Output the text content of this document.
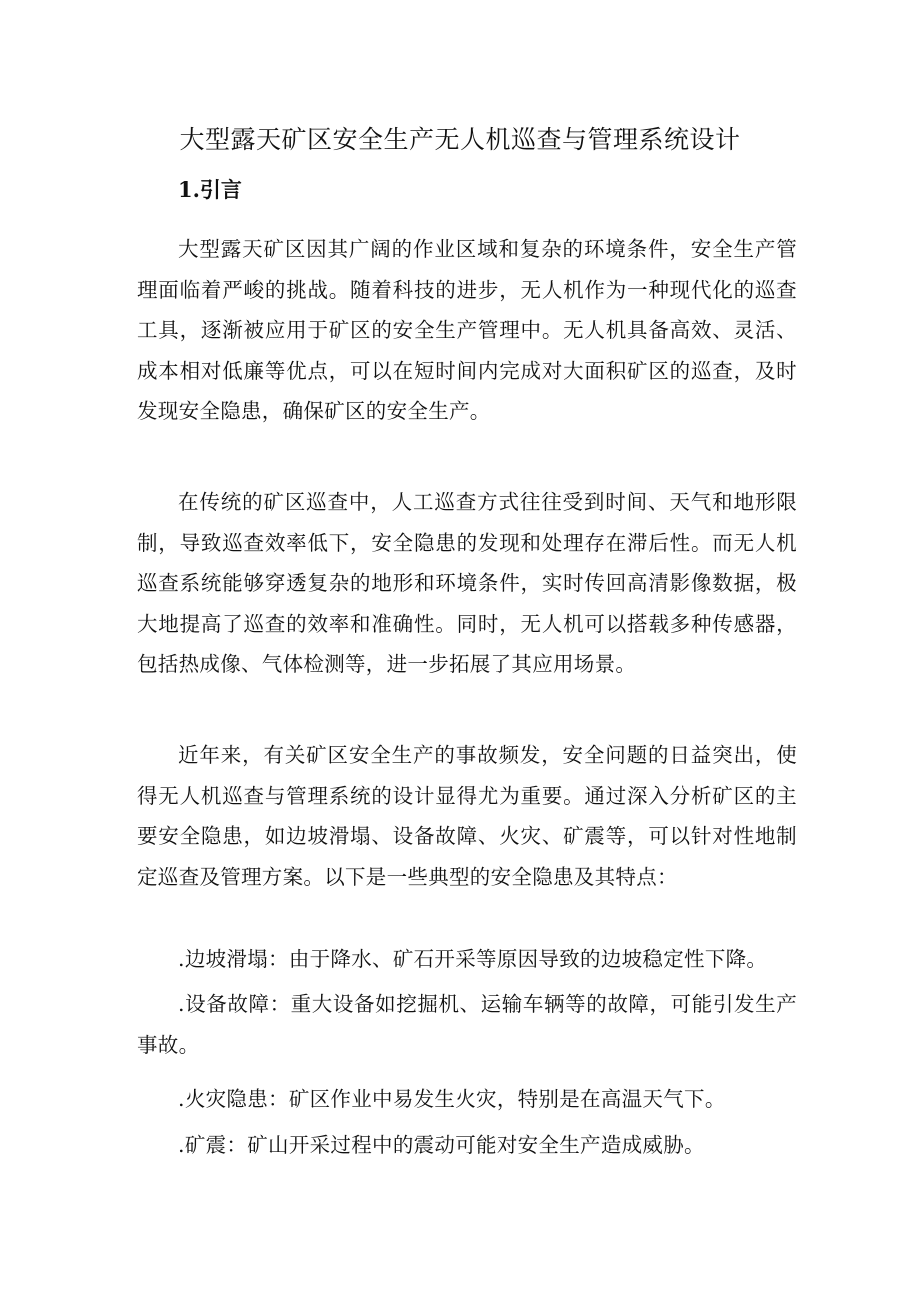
大型露天矿区安全生产无人机巡查与管理系统设计
1.引言

大型露天矿区因其广阔的作业区域和复杂的环境条件，安全生产管理面临着严峻的挑战。随着科技的进步，无人机作为一种现代化的巡查工具，逐渐被应用于矿区的安全生产管理中。无人机具备高效、灵活、成本相对低廉等优点，可以在短时间内完成对大面积矿区的巡查，及时发现安全隐患，确保矿区的安全生产。

在传统的矿区巡查中，人工巡查方式往往受到时间、天气和地形限制，导致巡查效率低下，安全隐患的发现和处理存在滞后性。而无人机巡查系统能够穿透复杂的地形和环境条件，实时传回高清影像数据，极大地提高了巡查的效率和准确性。同时，无人机可以搭载多种传感器，包括热成像、气体检测等，进一步拓展了其应用场景。

近年来，有关矿区安全生产的事故频发，安全问题的日益突出，使得无人机巡查与管理系统的设计显得尤为重要。通过深入分析矿区的主要安全隐患，如边坡滑塌、设备故障、火灾、矿震等，可以针对性地制定巡查及管理方案。以下是一些典型的安全隐患及其特点：

.边坡滑塌：由于降水、矿石开采等原因导致的边坡稳定性下降。

.设备故障：重大设备如挖掘机、运输车辆等的故障，可能引发生产事故。

.火灾隐患：矿区作业中易发生火灾，特别是在高温天气下。

.矿震：矿山开采过程中的震动可能对安全生产造成威胁。
